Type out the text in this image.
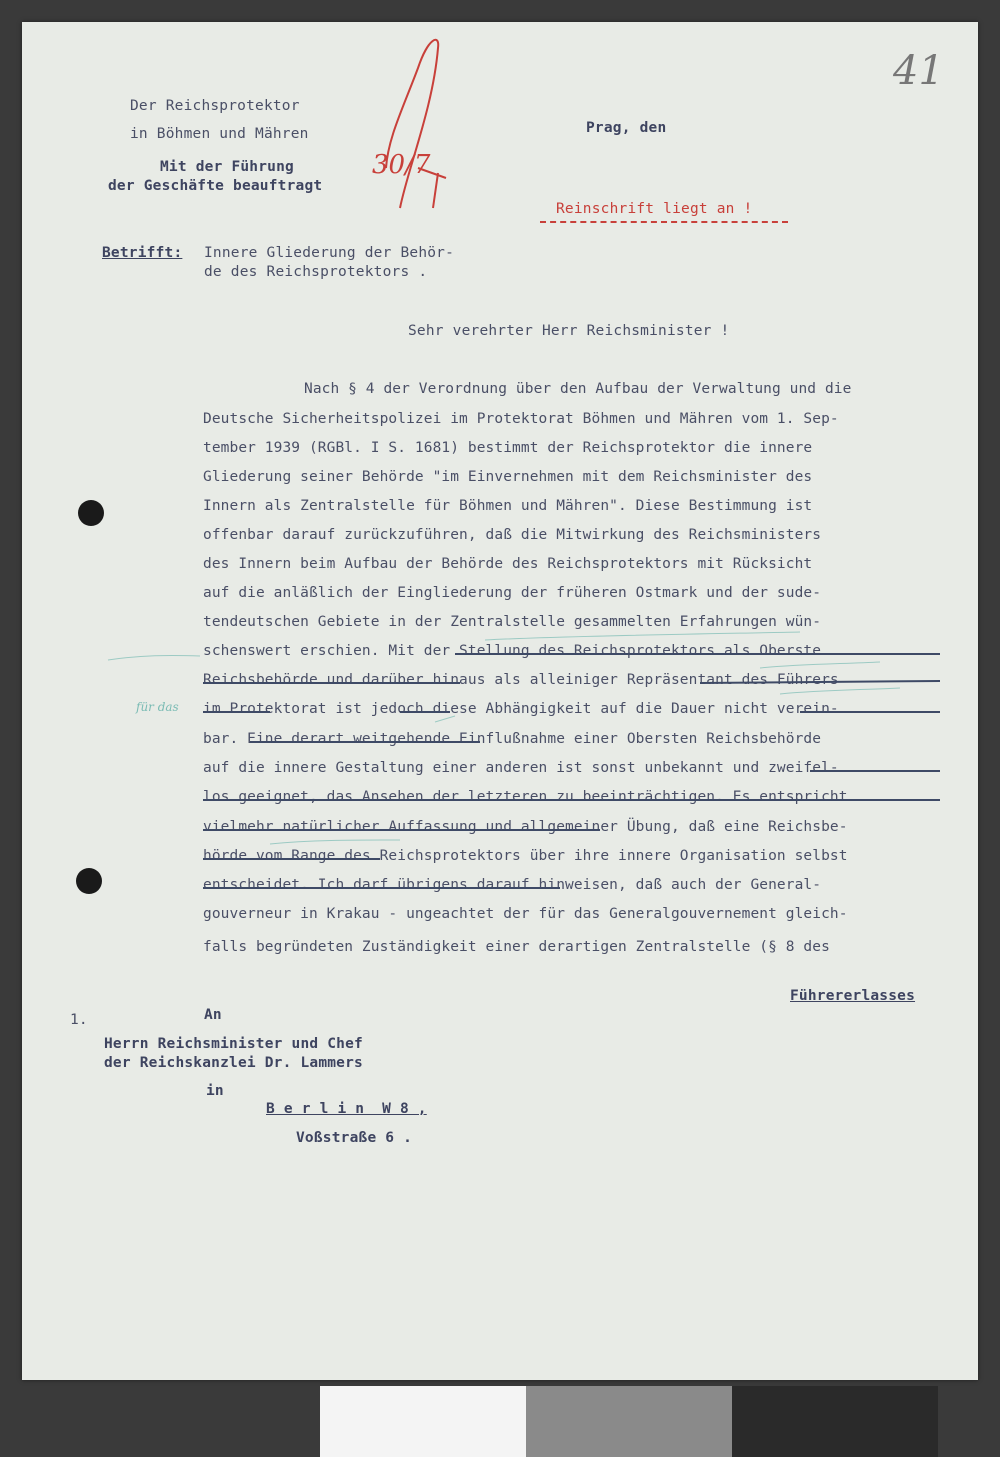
Der Reichsprotektor

in Böhmen und Mähren

Mit der Führung

der Geschäfte beauftragt

Prag, den

41
30/7

Reinschrift liegt an !

Betrifft: Innere Gliederung der Behör-

de des Reichsprotektors .

Sehr verehrter Herr Reichsminister !

Nach § 4 der Verordnung über den Aufbau der Verwaltung und die

Deutsche Sicherheitspolizei im Protektorat Böhmen und Mähren vom 1. Sep-

tember 1939 (RGBl. I S. 1681) bestimmt der Reichsprotektor die innere

Gliederung seiner Behörde "im Einvernehmen mit dem Reichsminister des

Innern als Zentralstelle für Böhmen und Mähren". Diese Bestimmung ist

offenbar darauf zurückzuführen, daß die Mitwirkung des Reichsministers

des Innern beim Aufbau der Behörde des Reichsprotektors mit Rücksicht

auf die anläßlich der Eingliederung der früheren Ostmark und der sude-

tendeutschen Gebiete in der Zentralstelle gesammelten Erfahrungen wün-

schenswert erschien. Mit der Stellung des Reichsprotektors als Oberste

Reichsbehörde und darüber hinaus als alleiniger Repräsentant des Führers

im Protektorat ist jedoch diese Abhängigkeit auf die Dauer nicht verein-

bar. Eine derart weitgehende Einflußnahme einer Obersten Reichsbehörde

auf die innere Gestaltung einer anderen ist sonst unbekannt und zweifel-

los geeignet, das Ansehen der letzteren zu beeinträchtigen. Es entspricht

vielmehr natürlicher Auffassung und allgemeiner Übung, daß eine Reichsbe-

hörde vom Range des Reichsprotektors über ihre innere Organisation selbst

entscheidet. Ich darf übrigens darauf hinweisen, daß auch der General-

gouverneur in Krakau - ungeachtet der für das Generalgouvernement gleich-

falls begründeten Zuständigkeit einer derartigen Zentralstelle (§ 8 des

für das

Führererlasses

1.	An

Herrn Reichsminister und Chef

der Reichskanzlei Dr. Lammers

in

B e r l i n  W 8 ,

Voßstraße 6 .
